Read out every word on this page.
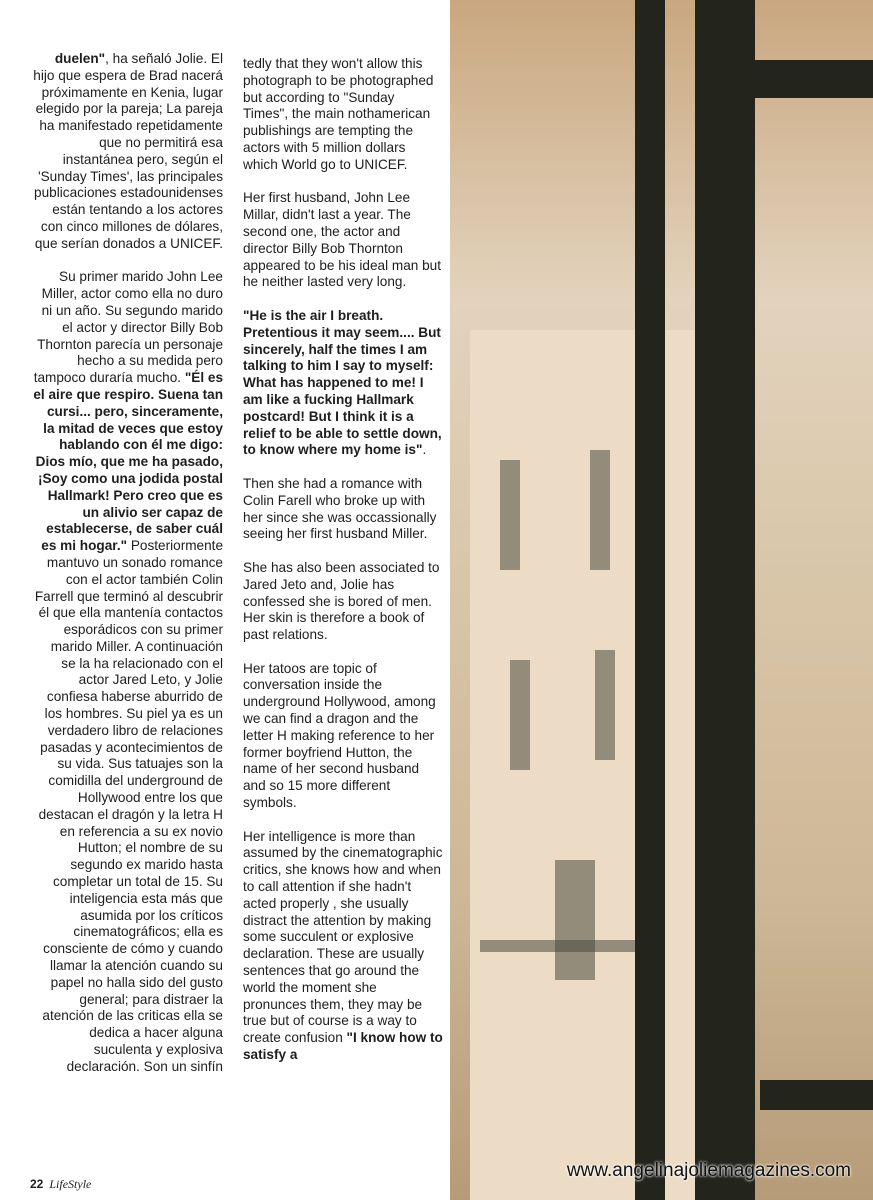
duelen", ha señaló Jolie. El hijo que espera de Brad nacerá próximamente en Kenia, lugar elegido por la pareja; La pareja ha manifestado repetidamente que no permitirá esa instantánea pero, según el 'Sunday Times', las principales publicaciones estadounidenses están tentando a los actores con cinco millones de dólares, que serían donados a UNICEF.

Su primer marido John Lee Miller, actor como ella no duro ni un año. Su segundo marido el actor y director Billy Bob Thornton parecía un personaje hecho a su medida pero tampoco duraría mucho. "Él es el aire que respiro. Suena tan cursi... pero, sinceramente, la mitad de veces que estoy hablando con él me digo: Dios mío, que me ha pasado, ¡Soy como una jodida postal Hallmark! Pero creo que es un alivio ser capaz de establecerse, de saber cuál es mi hogar." Posteriormente mantuvo un sonado romance con el actor también Colin Farrell que terminó al descubrir él que ella mantenía contactos esporádicos con su primer marido Miller. A continuación se la ha relacionado con el actor Jared Leto, y Jolie confiesa haberse aburrido de los hombres. Su piel ya es un verdadero libro de relaciones pasadas y acontecimientos de su vida. Sus tatuajes son la comidilla del underground de Hollywood entre los que destacan el dragón y la letra H en referencia a su ex novio Hutton; el nombre de su segundo ex marido hasta completar un total de 15. Su inteligencia esta más que asumida por los críticos cinematográficos; ella es consciente de cómo y cuando llamar la atención cuando su papel no halla sido del gusto general; para distraer la atención de las criticas ella se dedica a hacer alguna suculenta y explosiva declaración. Son un sinfín

tedly that they won't allow this photograph to be photographed but according to "Sunday Times", the main nothamerican publishings are tempting the actors with 5 million dollars which World go to UNICEF.

Her first husband, John Lee Millar, didn't last a year. The second one, the actor and director Billy Bob Thornton appeared to be his ideal man but he neither lasted very long.

"He is the air I breath. Pretentious it may seem.... But sincerely, half the times I am talking to him I say to myself: What has happened to me! I am like a fucking Hallmark postcard! But I think it is a relief to be able to settle down, to know where my home is".

Then she had a romance with Colin Farell who broke up with her since she was occassionally seeing her first husband Miller.

She has also been associated to Jared Jeto and, Jolie has confessed she is bored of men. Her skin is therefore a book of past relations.

Her tatoos are topic of conversation inside the underground Hollywood, among we can find a dragon and the letter H making reference to her former boyfriend Hutton, the name of her second husband and so 15 more different symbols.

Her intelligence is more than assumed by the cinematographic critics, she knows how and when to call attention if she hadn't acted properly , she usually distract the attention by making some succulent or explosive declaration. These are usually sentences that go around the world the moment she pronunces them, they may be true but of course is a way to create confusion "I know how to satisfy a

22 LifeStyle
www.angelinajoliemagazines.com
